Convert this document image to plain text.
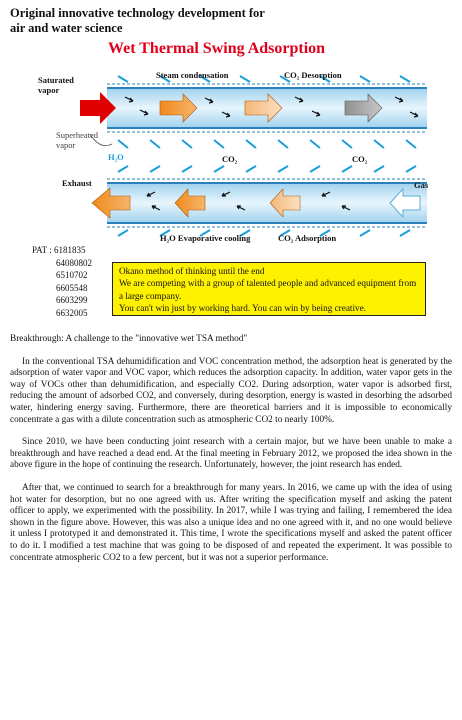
Original innovative technology development for
air and water science
Wet Thermal Swing Adsorption
Saturated
vapor
Steam condensation	CO₂ Desorption
Superheated
vapor
H₂O	CO₂	CO₂
Exhaust	Gas
H₂O Evaporative cooling	CO₂ Adsorption
PAT : 6181835
64080802
6510702
6605548
6603299
6632005
Okano method of thinking until the end
We are competing with a group of talented people and advanced equipment from a large company.
You can't win just by working hard. You can win by being creative.

Breakthrough: A challenge to the "innovative wet TSA method"

In the conventional TSA dehumidification and VOC concentration method, the adsorption heat is generated by the adsorption of water vapor and VOC vapor, which reduces the adsorption capacity. In addition, water vapor gets in the way of VOCs other than dehumidification, and especially CO2. During adsorption, water vapor is adsorbed first, reducing the amount of adsorbed CO2, and conversely, during desorption, energy is wasted in desorbing the adsorbed water, hindering energy saving. Furthermore, there are theoretical barriers and it is impossible to economically concentrate a gas with a dilute concentration such as atmospheric CO2 to nearly 100%.

Since 2010, we have been conducting joint research with a certain major, but we have been unable to make a breakthrough and have reached a dead end. At the final meeting in February 2012, we proposed the idea shown in the above figure in the hope of continuing the research. Unfortunately, however, the joint research has ended.

After that, we continued to search for a breakthrough for many years. In 2016, we came up with the idea of using hot water for desorption, but no one agreed with us. After writing the specification myself and asking the patent officer to apply, we experimented with the possibility. In 2017, while I was trying and failing, I remembered the idea shown in the figure above. However, this was also a unique idea and no one agreed with it, and no one would believe it unless I prototyped it and demonstrated it. This time, I wrote the specifications myself and asked the patent officer to do it. I modified a test machine that was going to be disposed of and repeated the experiment. It was possible to concentrate atmospheric CO2 to a few percent, but it was not a superior performance.
